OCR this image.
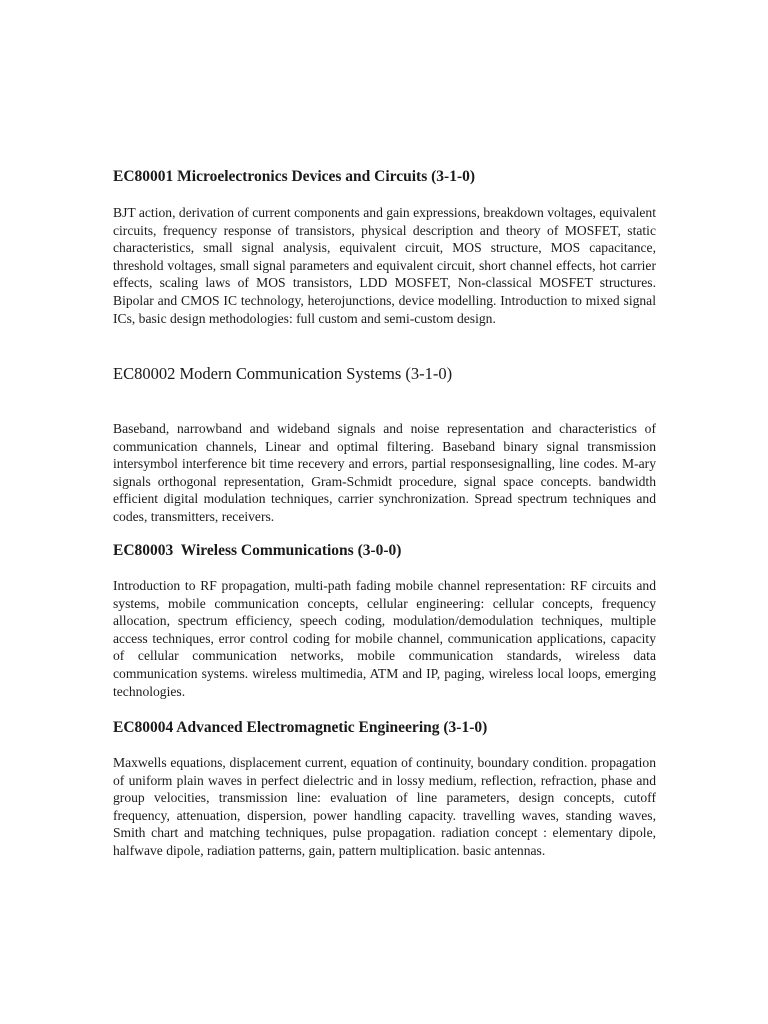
EC80001 Microelectronics Devices and Circuits (3-1-0)

BJT action, derivation of current components and gain expressions, breakdown voltages, equivalent circuits, frequency response of transistors, physical description and theory of MOSFET, static characteristics, small signal analysis, equivalent circuit, MOS structure, MOS capacitance, threshold voltages, small signal parameters and equivalent circuit, short channel effects, hot carrier effects, scaling laws of MOS transistors, LDD MOSFET, Non-classical MOSFET structures. Bipolar and CMOS IC technology, heterojunctions, device modelling. Introduction to mixed signal ICs, basic design methodologies: full custom and semi-custom design.

EC80002 Modern Communication Systems (3-1-0)

Baseband, narrowband and wideband signals and noise representation and characteristics of communication channels, Linear and optimal filtering. Baseband binary signal transmission intersymbol interference bit time recevery and errors, partial responsesignalling, line codes. M-ary signals orthogonal representation, Gram-Schmidt procedure, signal space concepts. bandwidth efficient digital modulation techniques, carrier synchronization. Spread spectrum techniques and codes, transmitters, receivers.

EC80003  Wireless Communications (3-0-0)

Introduction to RF propagation, multi-path fading mobile channel representation: RF circuits and systems, mobile communication concepts, cellular engineering: cellular concepts, frequency allocation, spectrum efficiency, speech coding, modulation/demodulation techniques, multiple access techniques, error control coding for mobile channel, communication applications, capacity of cellular communication networks, mobile communication standards, wireless data communication systems. wireless multimedia, ATM and IP, paging, wireless local loops, emerging technologies.

EC80004 Advanced Electromagnetic Engineering (3-1-0)

Maxwells equations, displacement current, equation of continuity, boundary condition. propagation of uniform plain waves in perfect dielectric and in lossy medium, reflection, refraction, phase and group velocities, transmission line: evaluation of line parameters, design concepts, cutoff frequency, attenuation, dispersion, power handling capacity. travelling waves, standing waves, Smith chart and matching techniques, pulse propagation. radiation concept : elementary dipole, halfwave dipole, radiation patterns, gain, pattern multiplication. basic antennas.
